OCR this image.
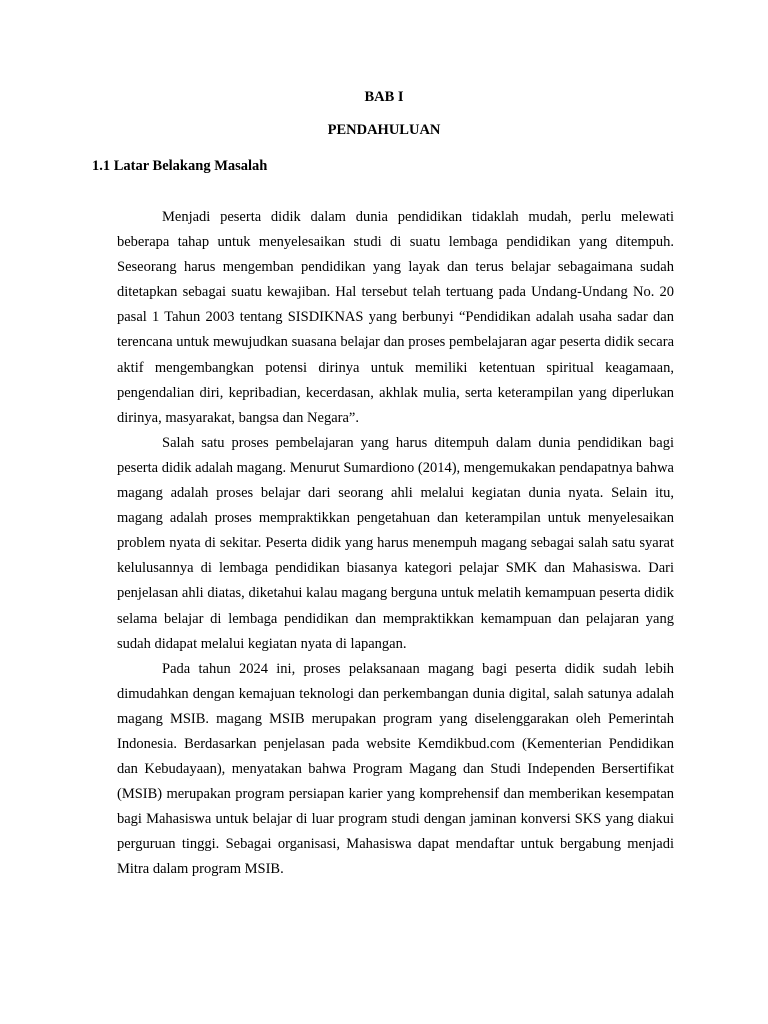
BAB I
PENDAHULUAN
1.1 Latar Belakang Masalah

Menjadi peserta didik dalam dunia pendidikan tidaklah mudah, perlu melewati beberapa tahap untuk menyelesaikan studi di suatu lembaga pendidikan yang ditempuh. Seseorang harus mengemban pendidikan yang layak dan terus belajar sebagaimana sudah ditetapkan sebagai suatu kewajiban. Hal tersebut telah tertuang pada Undang-Undang No. 20 pasal 1 Tahun 2003 tentang SISDIKNAS yang berbunyi “Pendidikan adalah usaha sadar dan terencana untuk mewujudkan suasana belajar dan proses pembelajaran agar peserta didik secara aktif mengembangkan potensi dirinya untuk memiliki ketentuan spiritual keagamaan, pengendalian diri, kepribadian, kecerdasan, akhlak mulia, serta keterampilan yang diperlukan dirinya, masyarakat, bangsa dan Negara”.

Salah satu proses pembelajaran yang harus ditempuh dalam dunia pendidikan bagi peserta didik adalah magang. Menurut Sumardiono (2014), mengemukakan pendapatnya bahwa magang adalah proses belajar dari seorang ahli melalui kegiatan dunia nyata. Selain itu, magang adalah proses mempraktikkan pengetahuan dan keterampilan untuk menyelesaikan problem nyata di sekitar. Peserta didik yang harus menempuh magang sebagai salah satu syarat kelulusannya di lembaga pendidikan biasanya kategori pelajar SMK dan Mahasiswa. Dari penjelasan ahli diatas, diketahui kalau magang berguna untuk melatih kemampuan peserta didik selama belajar di lembaga pendidikan dan mempraktikkan kemampuan dan pelajaran yang sudah didapat melalui kegiatan nyata di lapangan.

Pada tahun 2024 ini, proses pelaksanaan magang bagi peserta didik sudah lebih dimudahkan dengan kemajuan teknologi dan perkembangan dunia digital, salah satunya adalah magang MSIB. magang MSIB merupakan program yang diselenggarakan oleh Pemerintah Indonesia. Berdasarkan penjelasan pada website Kemdikbud.com (Kementerian Pendidikan dan Kebudayaan), menyatakan bahwa Program Magang dan Studi Independen Bersertifikat (MSIB) merupakan program persiapan karier yang komprehensif dan memberikan kesempatan bagi Mahasiswa untuk belajar di luar program studi dengan jaminan konversi SKS yang diakui perguruan tinggi. Sebagai organisasi, Mahasiswa dapat mendaftar untuk bergabung menjadi Mitra dalam program MSIB.
